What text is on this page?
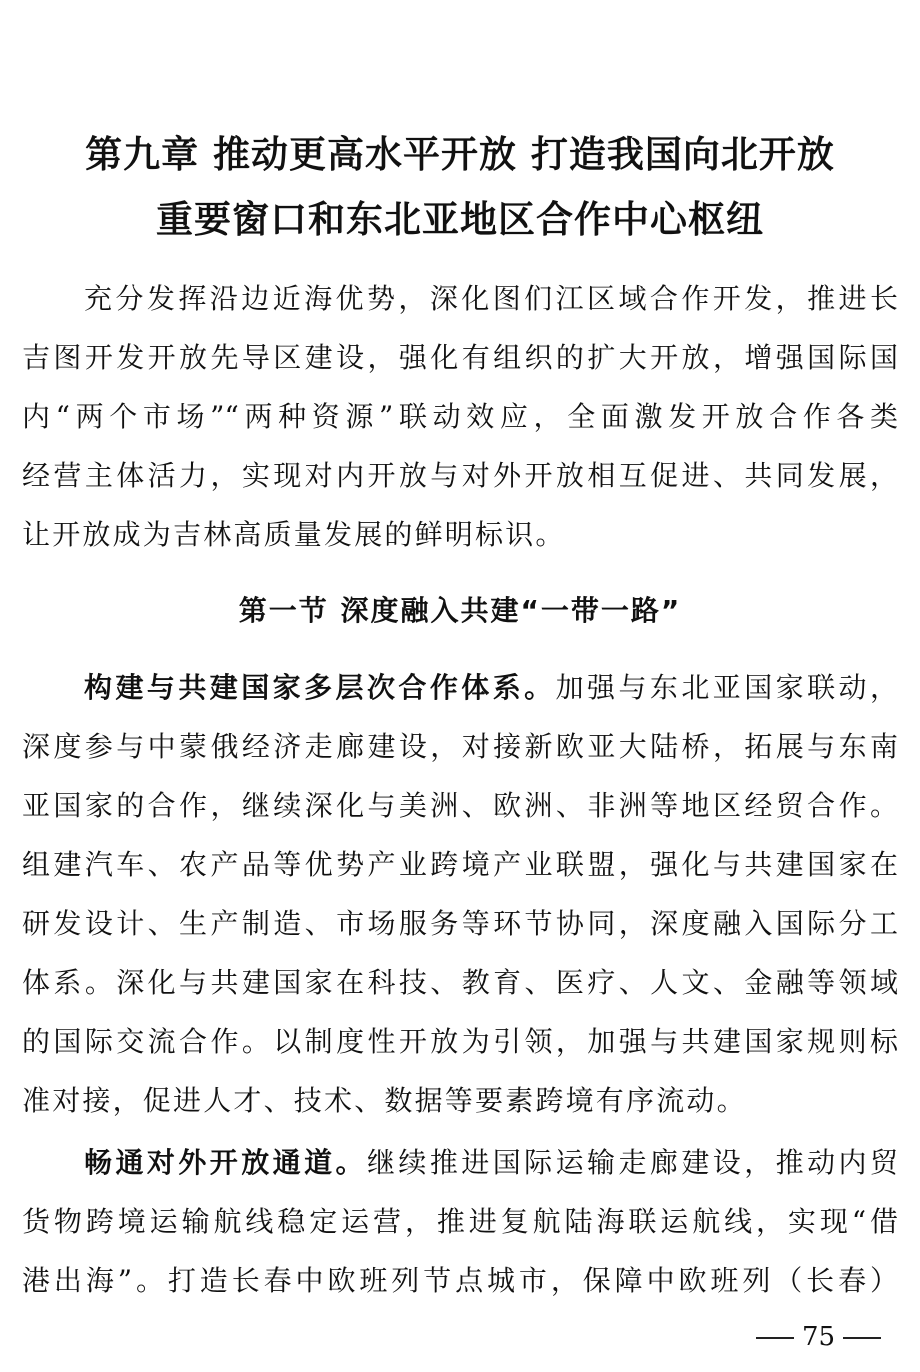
第九章 推动更高水平开放 打造我国向北开放
重要窗口和东北亚地区合作中心枢纽
充分发挥沿边近海优势，深化图们江区域合作开发，推进长
吉图开发开放先导区建设，强化有组织的扩大开放，增强国际国
内“两个市场”“两种资源”联动效应，全面激发开放合作各类
经营主体活力，实现对内开放与对外开放相互促进、共同发展，
让开放成为吉林高质量发展的鲜明标识。
第一节 深度融入共建“一带一路”
构建与共建国家多层次合作体系。加强与东北亚国家联动，
深度参与中蒙俄经济走廊建设，对接新欧亚大陆桥，拓展与东南
亚国家的合作，继续深化与美洲、欧洲、非洲等地区经贸合作。
组建汽车、农产品等优势产业跨境产业联盟，强化与共建国家在
研发设计、生产制造、市场服务等环节协同，深度融入国际分工
体系。深化与共建国家在科技、教育、医疗、人文、金融等领域
的国际交流合作。以制度性开放为引领，加强与共建国家规则标
准对接，促进人才、技术、数据等要素跨境有序流动。
畅通对外开放通道。继续推进国际运输走廊建设，推动内贸
货物跨境运输航线稳定运营，推进复航陆海联运航线，实现“借
港出海”。打造长春中欧班列节点城市，保障中欧班列（长春）
75
